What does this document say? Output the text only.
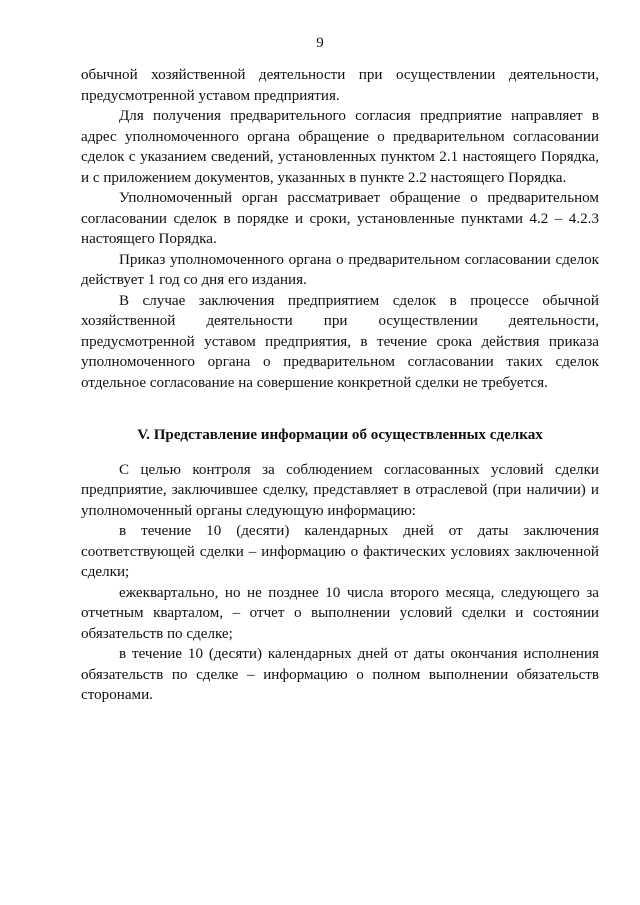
9

обычной хозяйственной деятельности при осуществлении деятельности, предусмотренной уставом предприятия.

Для получения предварительного согласия предприятие направляет в адрес уполномоченного органа обращение о предварительном согласовании сделок с указанием сведений, установленных пунктом 2.1 настоящего Порядка, и с приложением документов, указанных в пункте 2.2 настоящего Порядка.

Уполномоченный орган рассматривает обращение о предварительном согласовании сделок в порядке и сроки, установленные пунктами 4.2 – 4.2.3 настоящего Порядка.

Приказ уполномоченного органа о предварительном согласовании сделок действует 1 год со дня его издания.

В случае заключения предприятием сделок в процессе обычной хозяйственной деятельности при осуществлении деятельности, предусмотренной уставом предприятия, в течение срока действия приказа уполномоченного органа о предварительном согласовании таких сделок отдельное согласование на совершение конкретной сделки не требуется.

V. Представление информации об осуществленных сделках

С целью контроля за соблюдением согласованных условий сделки предприятие, заключившее сделку, представляет в отраслевой (при наличии) и уполномоченный органы следующую информацию:

в течение 10 (десяти) календарных дней от даты заключения соответствующей сделки – информацию о фактических условиях заключенной сделки;

ежеквартально, но не позднее 10 числа второго месяца, следующего за отчетным кварталом, – отчет о выполнении условий сделки и состоянии обязательств по сделке;

в течение 10 (десяти) календарных дней от даты окончания исполнения обязательств по сделке – информацию о полном выполнении обязательств сторонами.
